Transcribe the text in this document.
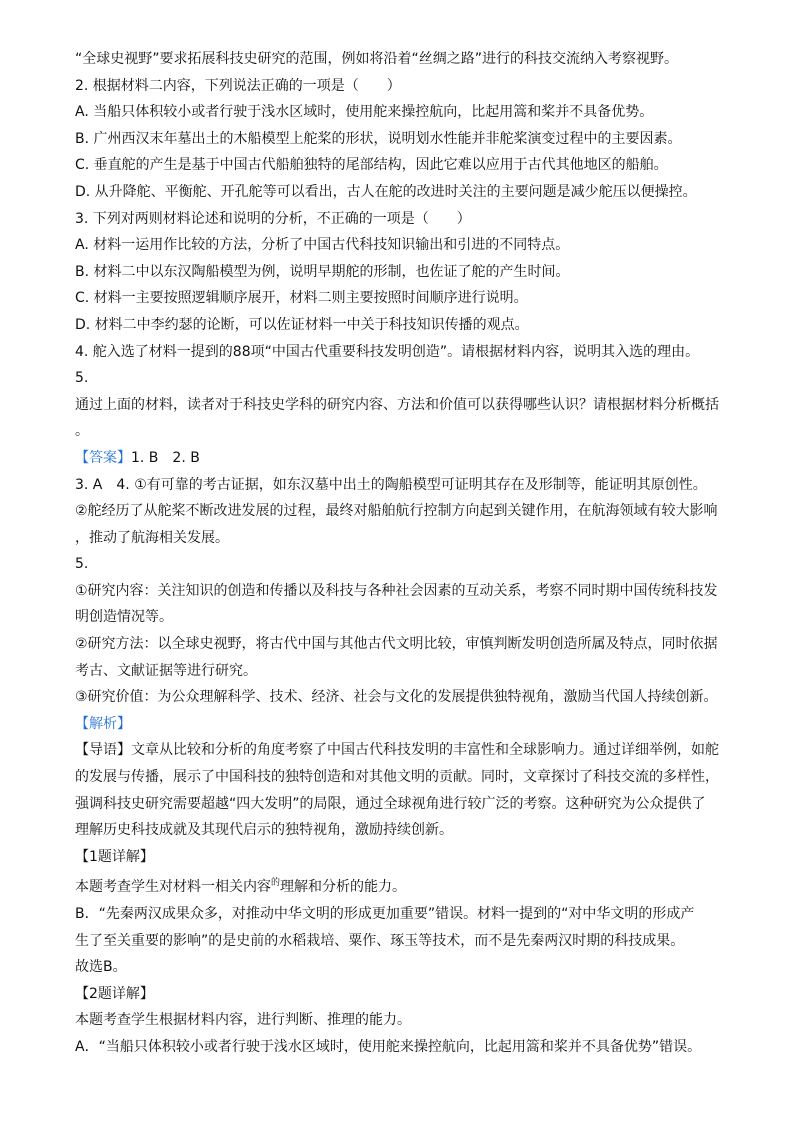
“全球史视野”要求拓展科技史研究的范围，例如将沿着“丝绸之路”进行的科技交流纳入考察视野。
2. 根据材料二内容，下列说法正确的一项是（　　）
A. 当船只体积较小或者行驶于浅水区域时，使用舵来操控航向，比起用篙和桨并不具备优势。
B. 广州西汉末年墓出土的木船模型上舵桨的形状，说明划水性能并非舵桨演变过程中的主要因素。
C. 垂直舵的产生是基于中国古代船舶独特的尾部结构，因此它难以应用于古代其他地区的船舶。
D. 从升降舵、平衡舵、开孔舵等可以看出，古人在舵的改进时关注的主要问题是减少舵压以便操控。
3. 下列对两则材料论述和说明的分析，不正确的一项是（　　）
A. 材料一运用作比较的方法，分析了中国古代科技知识输出和引进的不同特点。
B. 材料二中以东汉陶船模型为例，说明早期舵的形制，也佐证了舵的产生时间。
C. 材料一主要按照逻辑顺序展开，材料二则主要按照时间顺序进行说明。
D. 材料二中李约瑟的论断，可以佐证材料一中关于科技知识传播的观点。
4. 舵入选了材料一提到的88项“中国古代重要科技发明创造”。请根据材料内容，说明其入选的理由。
5.
通过上面的材料，读者对于科技史学科的研究内容、方法和价值可以获得哪些认识？请根据材料分析概括
。
【答案】1. B　2. B
3. A　4. ①有可靠的考古证据，如东汉墓中出土的陶船模型可证明其存在及形制等，能证明其原创性。
②舵经历了从舵桨不断改进发展的过程，最终对船舶航行控制方向起到关键作用，在航海领域有较大影响
，推动了航海相关发展。
5.
①研究内容：关注知识的创造和传播以及科技与各种社会因素的互动关系，考察不同时期中国传统科技发
明创造情况等。
②研究方法：以全球史视野，将古代中国与其他古代文明比较，审慎判断发明创造所属及特点，同时依据
考古、文献证据等进行研究。
③研究价值：为公众理解科学、技术、经济、社会与文化的发展提供独特视角，激励当代国人持续创新。
【解析】
【导语】文章从比较和分析的角度考察了中国古代科技发明的丰富性和全球影响力。通过详细举例，如舵
的发展与传播，展示了中国科技的独特创造和对其他文明的贡献。同时，文章探讨了科技交流的多样性，
强调科技史研究需要超越“四大发明”的局限，通过全球视角进行较广泛的考察。这种研究为公众提供了
理解历史科技成就及其现代启示的独特视角，激励持续创新。
【1题详解】
本题考查学生对材料一相关内容$^的$理解和分析的能力。
B．“先秦两汉成果众多，对推动中华文明的形成更加重要”错误。材料一提到的“对中华文明的形成产
生了至关重要的影响”的是史前的水稻栽培、粟作、琢玉等技术，而不是先秦两汉时期的科技成果。
故选B。
【2题详解】
本题考查学生根据材料内容，进行判断、推理的能力。
A．“当船只体积较小或者行驶于浅水区域时，使用舵来操控航向，比起用篙和桨并不具备优势”错误。
